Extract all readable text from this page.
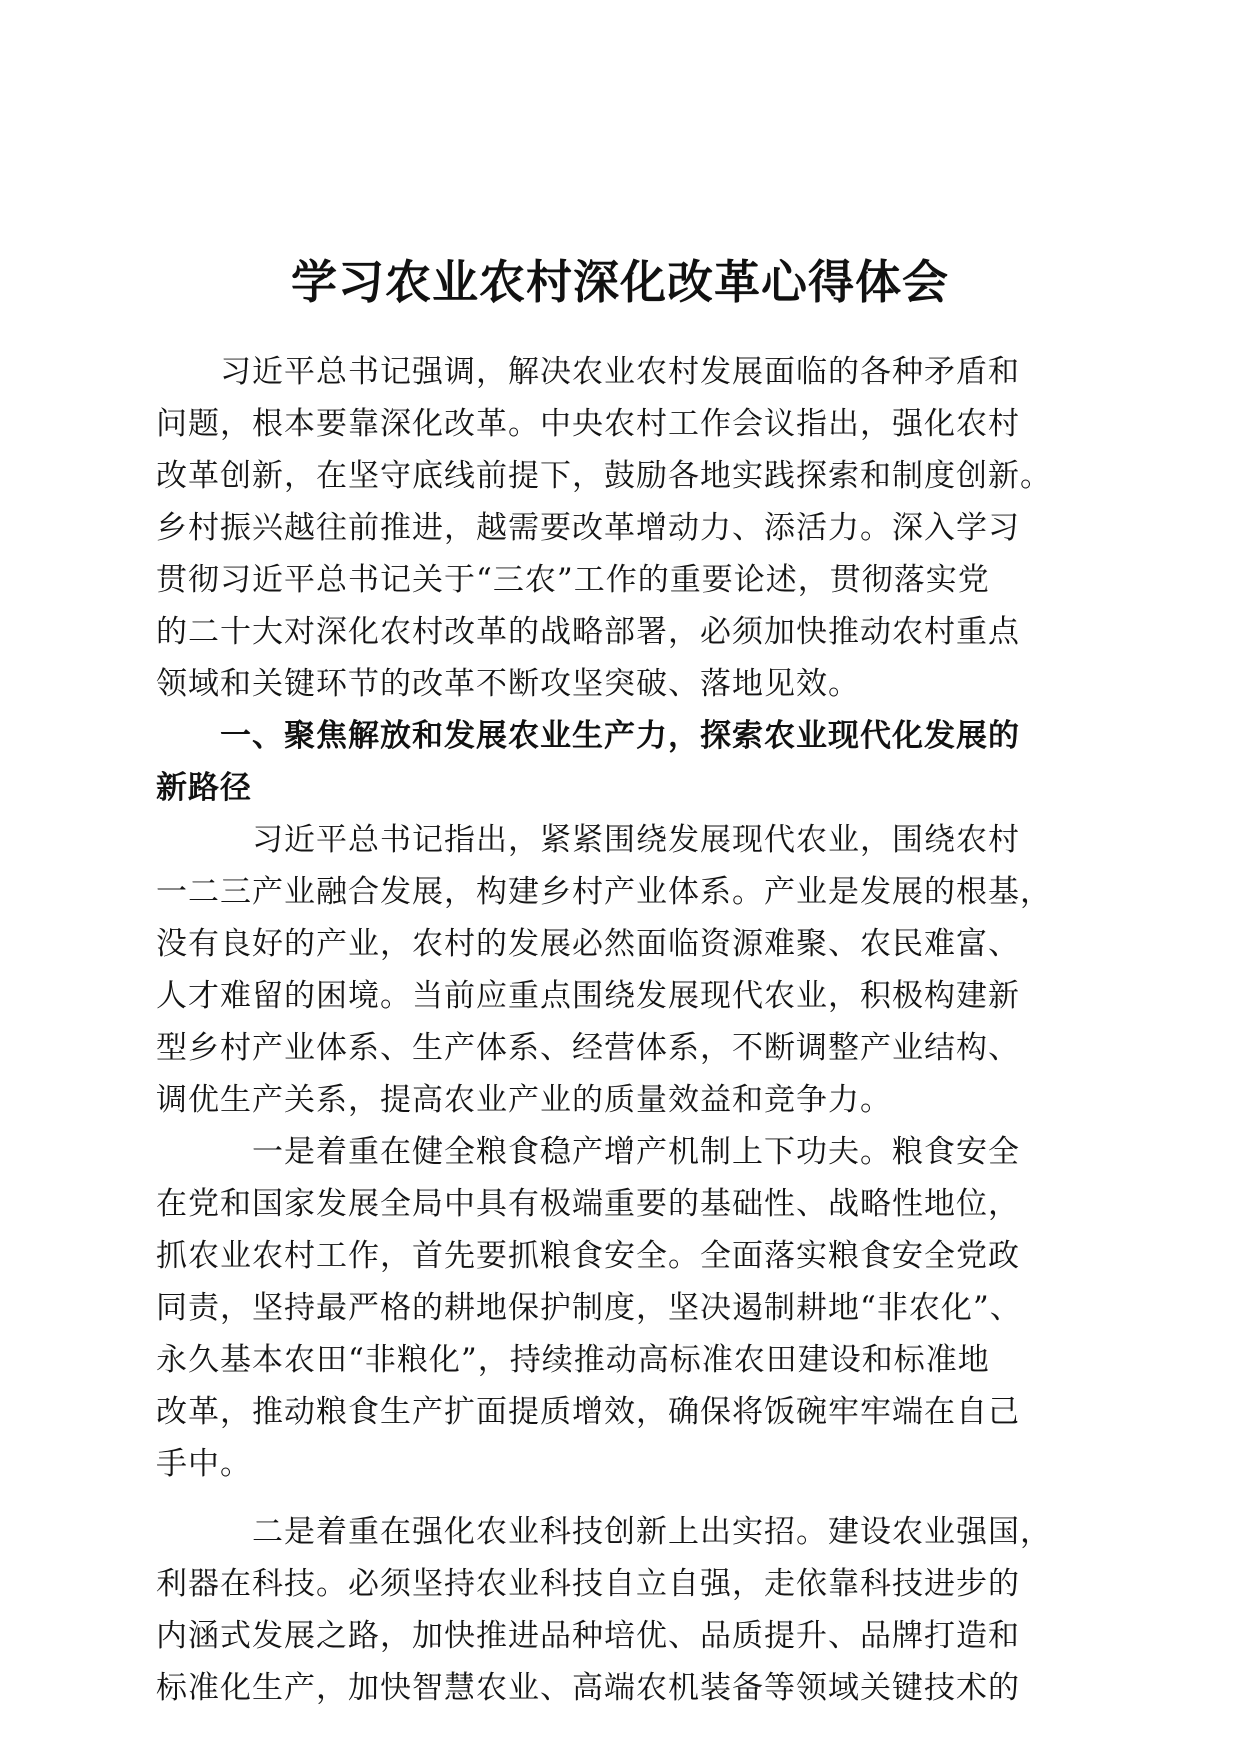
学习农业农村深化改革心得体会

　　习近平总书记强调，解决农业农村发展面临的各种矛盾和
问题，根本要靠深化改革。中央农村工作会议指出，强化农村
改革创新，在坚守底线前提下，鼓励各地实践探索和制度创新。
乡村振兴越往前推进，越需要改革增动力、添活力。深入学习
贯彻习近平总书记关于“三农”工作的重要论述，贯彻落实党
的二十大对深化农村改革的战略部署，必须加快推动农村重点
领域和关键环节的改革不断攻坚突破、落地见效。

　　一、聚焦解放和发展农业生产力，探索农业现代化发展的
新路径

　　　习近平总书记指出，紧紧围绕发展现代农业，围绕农村
一二三产业融合发展，构建乡村产业体系。产业是发展的根基，
没有良好的产业，农村的发展必然面临资源难聚、农民难富、
人才难留的困境。当前应重点围绕发展现代农业，积极构建新
型乡村产业体系、生产体系、经营体系，不断调整产业结构、
调优生产关系，提高农业产业的质量效益和竞争力。

　　　一是着重在健全粮食稳产增产机制上下功夫。粮食安全
在党和国家发展全局中具有极端重要的基础性、战略性地位，
抓农业农村工作，首先要抓粮食安全。全面落实粮食安全党政
同责，坚持最严格的耕地保护制度，坚决遏制耕地“非农化”、
永久基本农田“非粮化”，持续推动高标准农田建设和标准地
改革，推动粮食生产扩面提质增效，确保将饭碗牢牢端在自己
手中。

　　　二是着重在强化农业科技创新上出实招。建设农业强国，
利器在科技。必须坚持农业科技自立自强，走依靠科技进步的
内涵式发展之路，加快推进品种培优、品质提升、品牌打造和
标准化生产，加快智慧农业、高端农机装备等领域关键技术的
